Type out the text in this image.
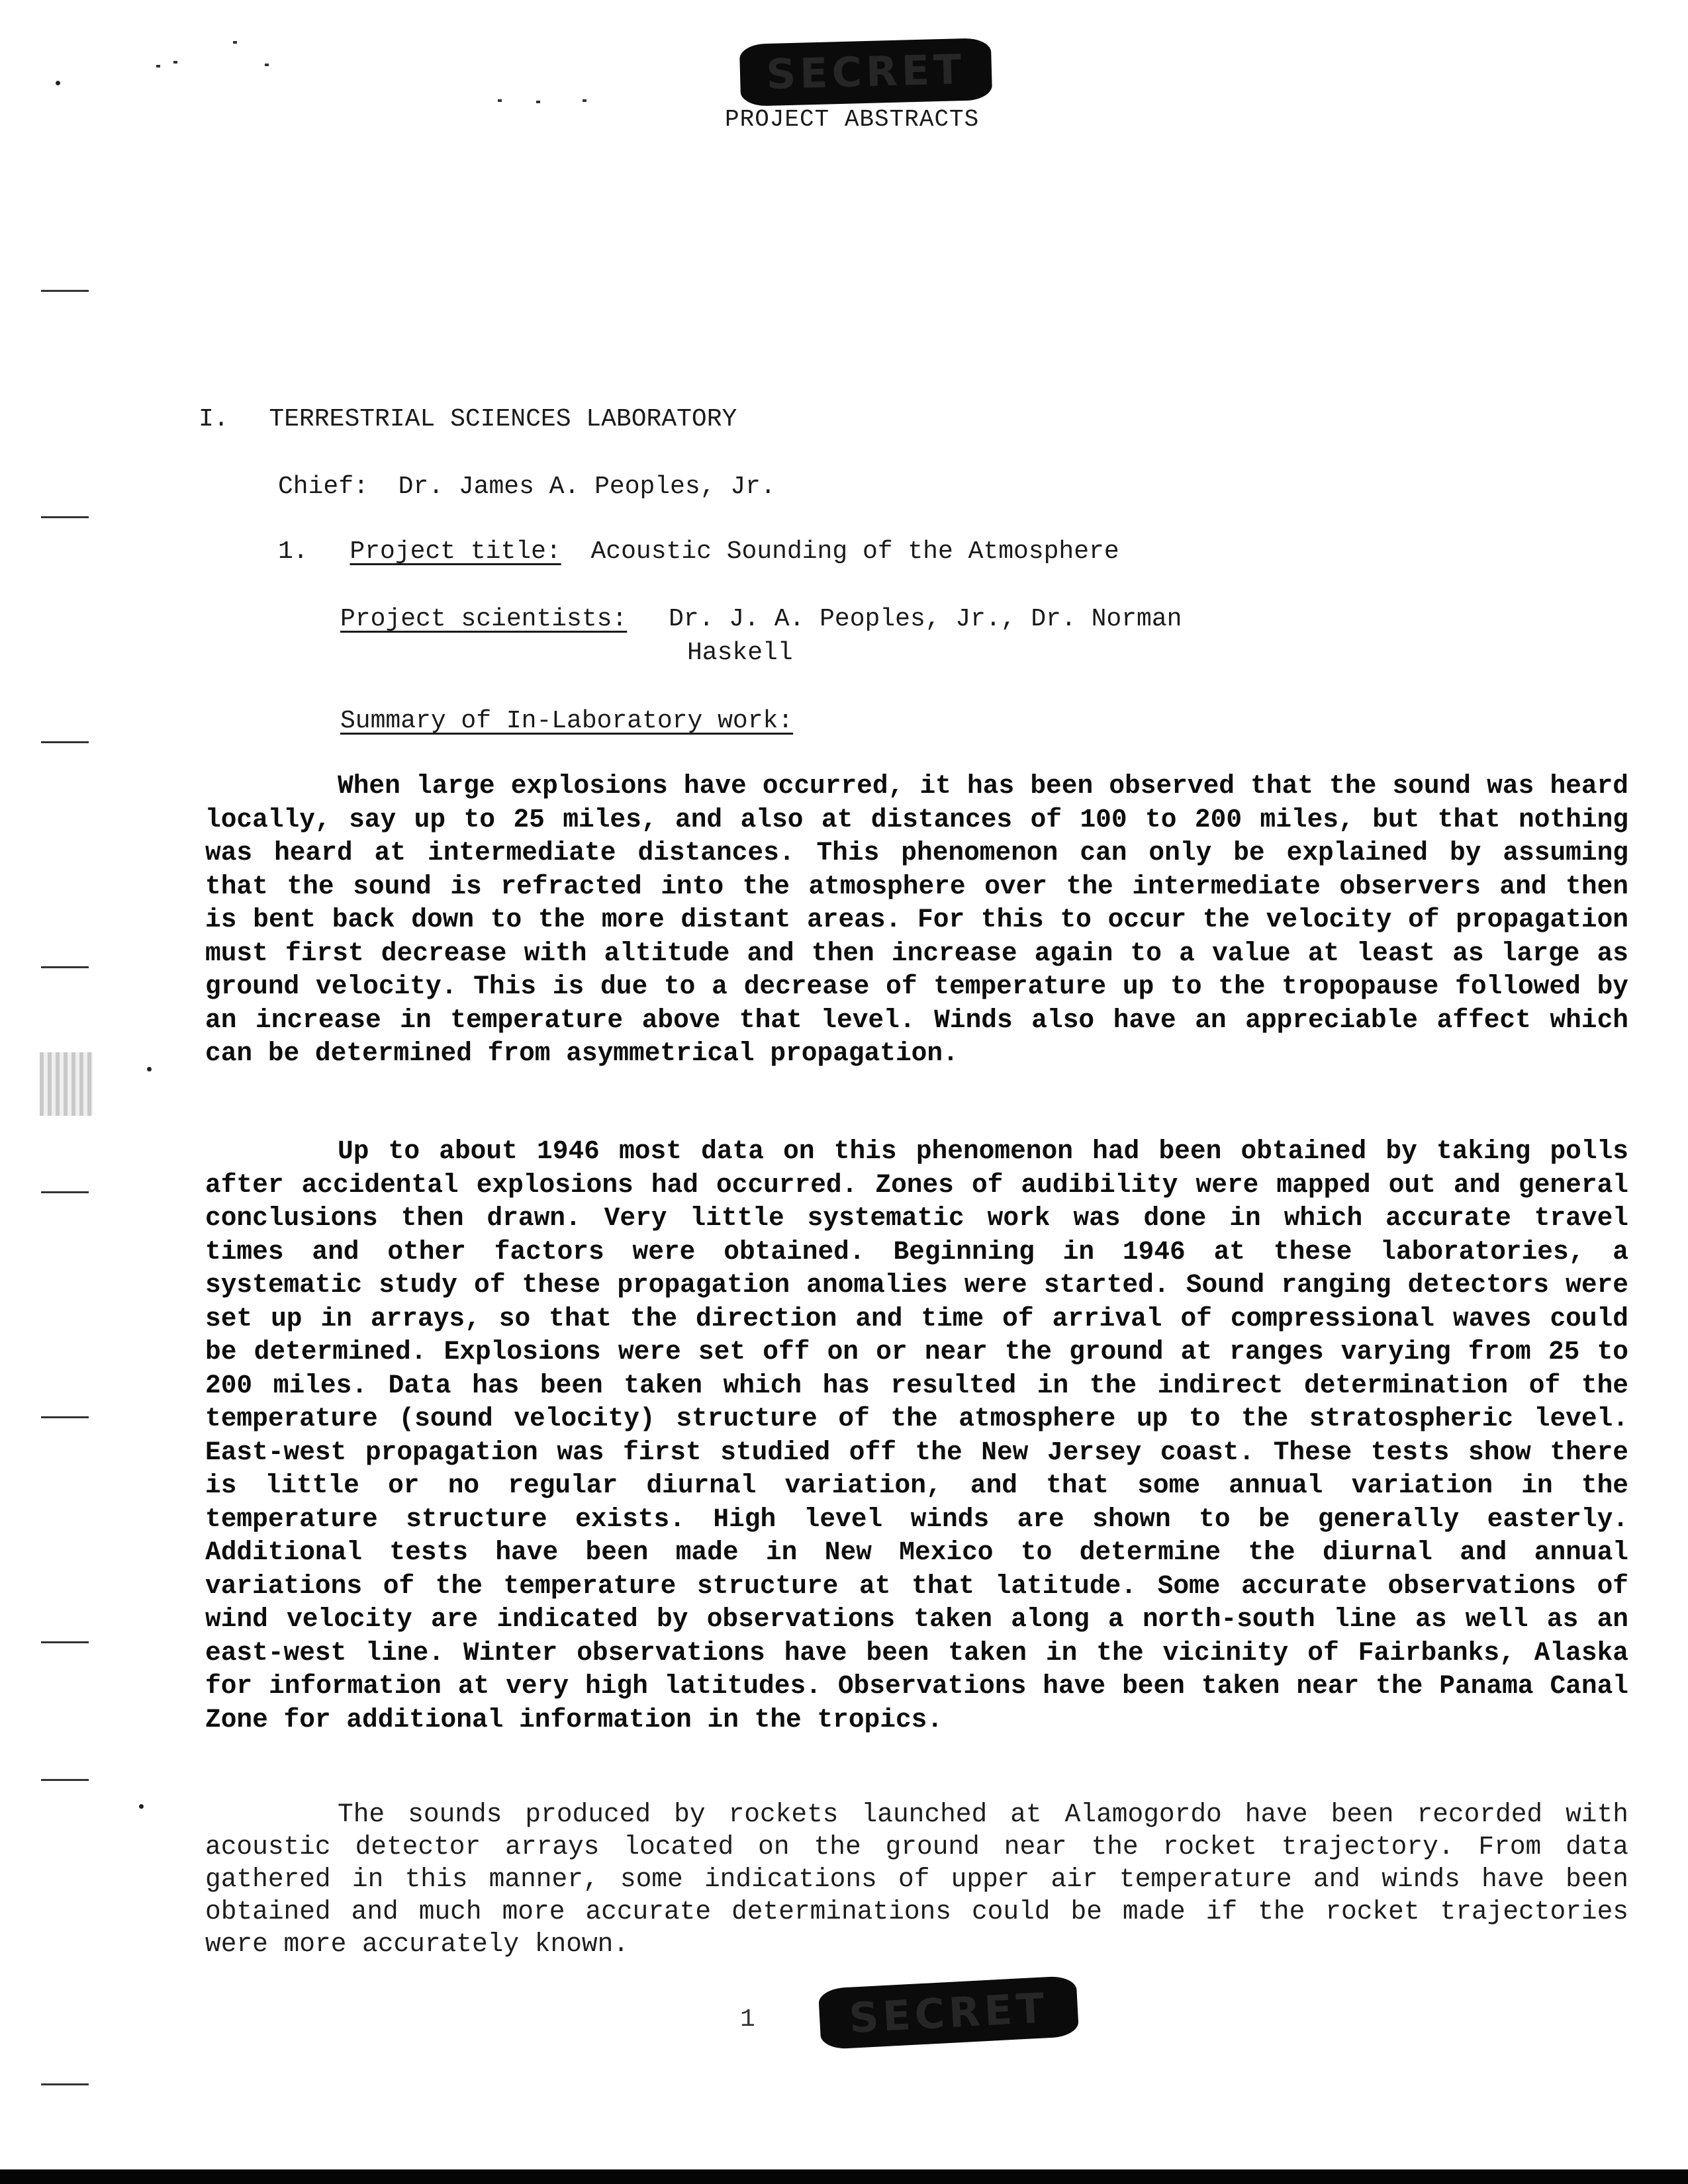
SECRET
PROJECT ABSTRACTS
I. TERRESTRIAL SCIENCES LABORATORY
Chief: Dr. James A. Peoples, Jr.
1. Project title: Acoustic Sounding of the Atmosphere
Project scientists: Dr. J. A. Peoples, Jr., Dr. Norman
Haskell
Summary of In-Laboratory work:

When large explosions have occurred, it has been observed that the sound was heard locally, say up to 25 miles, and also at distances of 100 to 200 miles, but that nothing was heard at intermediate distances. This phenomenon can only be explained by assuming that the sound is refracted into the atmosphere over the intermediate observers and then is bent back down to the more distant areas. For this to occur the velocity of propagation must first decrease with altitude and then increase again to a value at least as large as ground velocity. This is due to a decrease of temperature up to the tropopause followed by an increase in temperature above that level. Winds also have an appreciable affect which can be determined from asymmetrical propagation.

Up to about 1946 most data on this phenomenon had been obtained by taking polls after accidental explosions had occurred. Zones of audibility were mapped out and general conclusions then drawn. Very little systematic work was done in which accurate travel times and other factors were obtained. Beginning in 1946 at these laboratories, a systematic study of these propagation anomalies were started. Sound ranging detectors were set up in arrays, so that the direction and time of arrival of compressional waves could be determined. Explosions were set off on or near the ground at ranges varying from 25 to 200 miles. Data has been taken which has resulted in the indirect determination of the temperature (sound velocity) structure of the atmosphere up to the stratospheric level. East-west propagation was first studied off the New Jersey coast. These tests show there is little or no regular diurnal variation, and that some annual variation in the temperature structure exists. High level winds are shown to be generally easterly. Additional tests have been made in New Mexico to determine the diurnal and annual variations of the temperature structure at that latitude. Some accurate observations of wind velocity are indicated by observations taken along a north-south line as well as an east-west line. Winter observations have been taken in the vicinity of Fairbanks, Alaska for information at very high latitudes. Observations have been taken near the Panama Canal Zone for additional information in the tropics.

The sounds produced by rockets launched at Alamogordo have been recorded with acoustic detector arrays located on the ground near the rocket trajectory. From data gathered in this manner, some indications of upper air temperature and winds have been obtained and much more accurate determinations could be made if the rocket trajectories were more accurately known.

1	SECRET
